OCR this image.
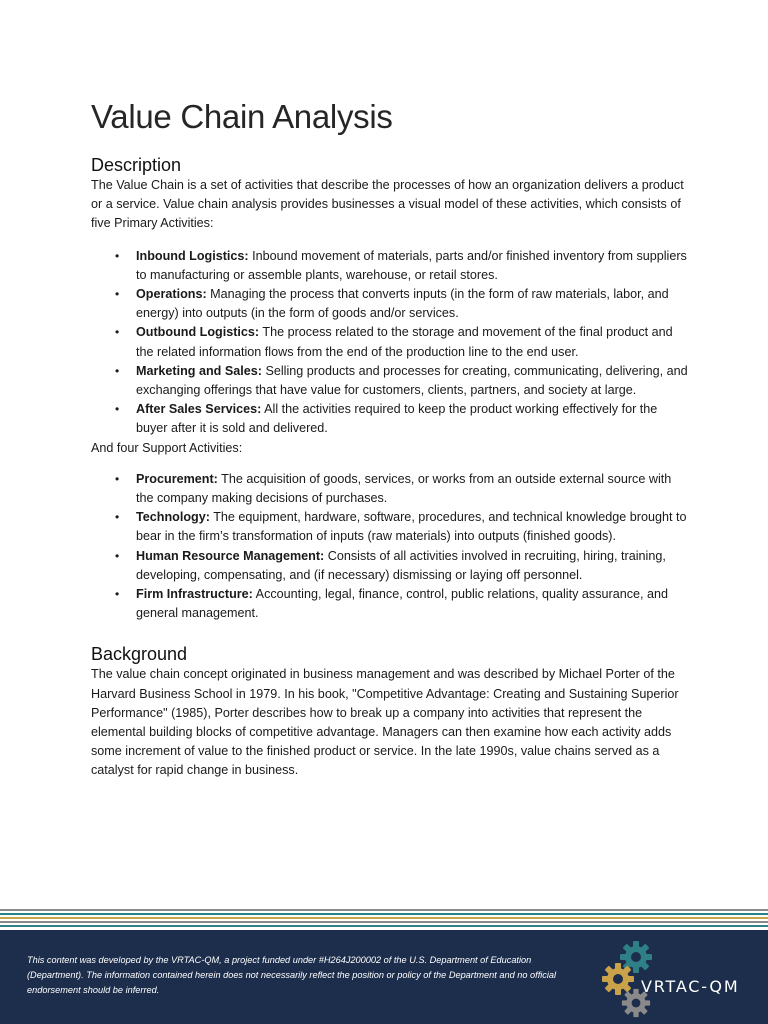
Value Chain Analysis
Description

The Value Chain is a set of activities that describe the processes of how an organization delivers a product or a service. Value chain analysis provides businesses a visual model of these activities, which consists of five Primary Activities:

• Inbound Logistics: Inbound movement of materials, parts and/or finished inventory from suppliers to manufacturing or assemble plants, warehouse, or retail stores.
• Operations: Managing the process that converts inputs (in the form of raw materials, labor, and energy) into outputs (in the form of goods and/or services.
• Outbound Logistics: The process related to the storage and movement of the final product and the related information flows from the end of the production line to the end user.
• Marketing and Sales: Selling products and processes for creating, communicating, delivering, and exchanging offerings that have value for customers, clients, partners, and society at large.
• After Sales Services: All the activities required to keep the product working effectively for the buyer after it is sold and delivered.

And four Support Activities:

• Procurement: The acquisition of goods, services, or works from an outside external source with the company making decisions of purchases.
• Technology: The equipment, hardware, software, procedures, and technical knowledge brought to bear in the firm’s transformation of inputs (raw materials) into outputs (finished goods).
• Human Resource Management: Consists of all activities involved in recruiting, hiring, training, developing, compensating, and (if necessary) dismissing or laying off personnel.
• Firm Infrastructure: Accounting, legal, finance, control, public relations, quality assurance, and general management.
Background

The value chain concept originated in business management and was described by Michael Porter of the Harvard Business School in 1979. In his book, "Competitive Advantage: Creating and Sustaining Superior Performance" (1985), Porter describes how to break up a company into activities that represent the elemental building blocks of competitive advantage. Managers can then examine how each activity adds some increment of value to the finished product or service. In the late 1990s, value chains served as a catalyst for rapid change in business.

This content was developed by the VRTAC-QM, a project funded under #H264J200002 of the U.S. Department of Education (Department). The information contained herein does not necessarily reflect the position or policy of the Department and no official endorsement should be inferred.	VRTAC-QM
